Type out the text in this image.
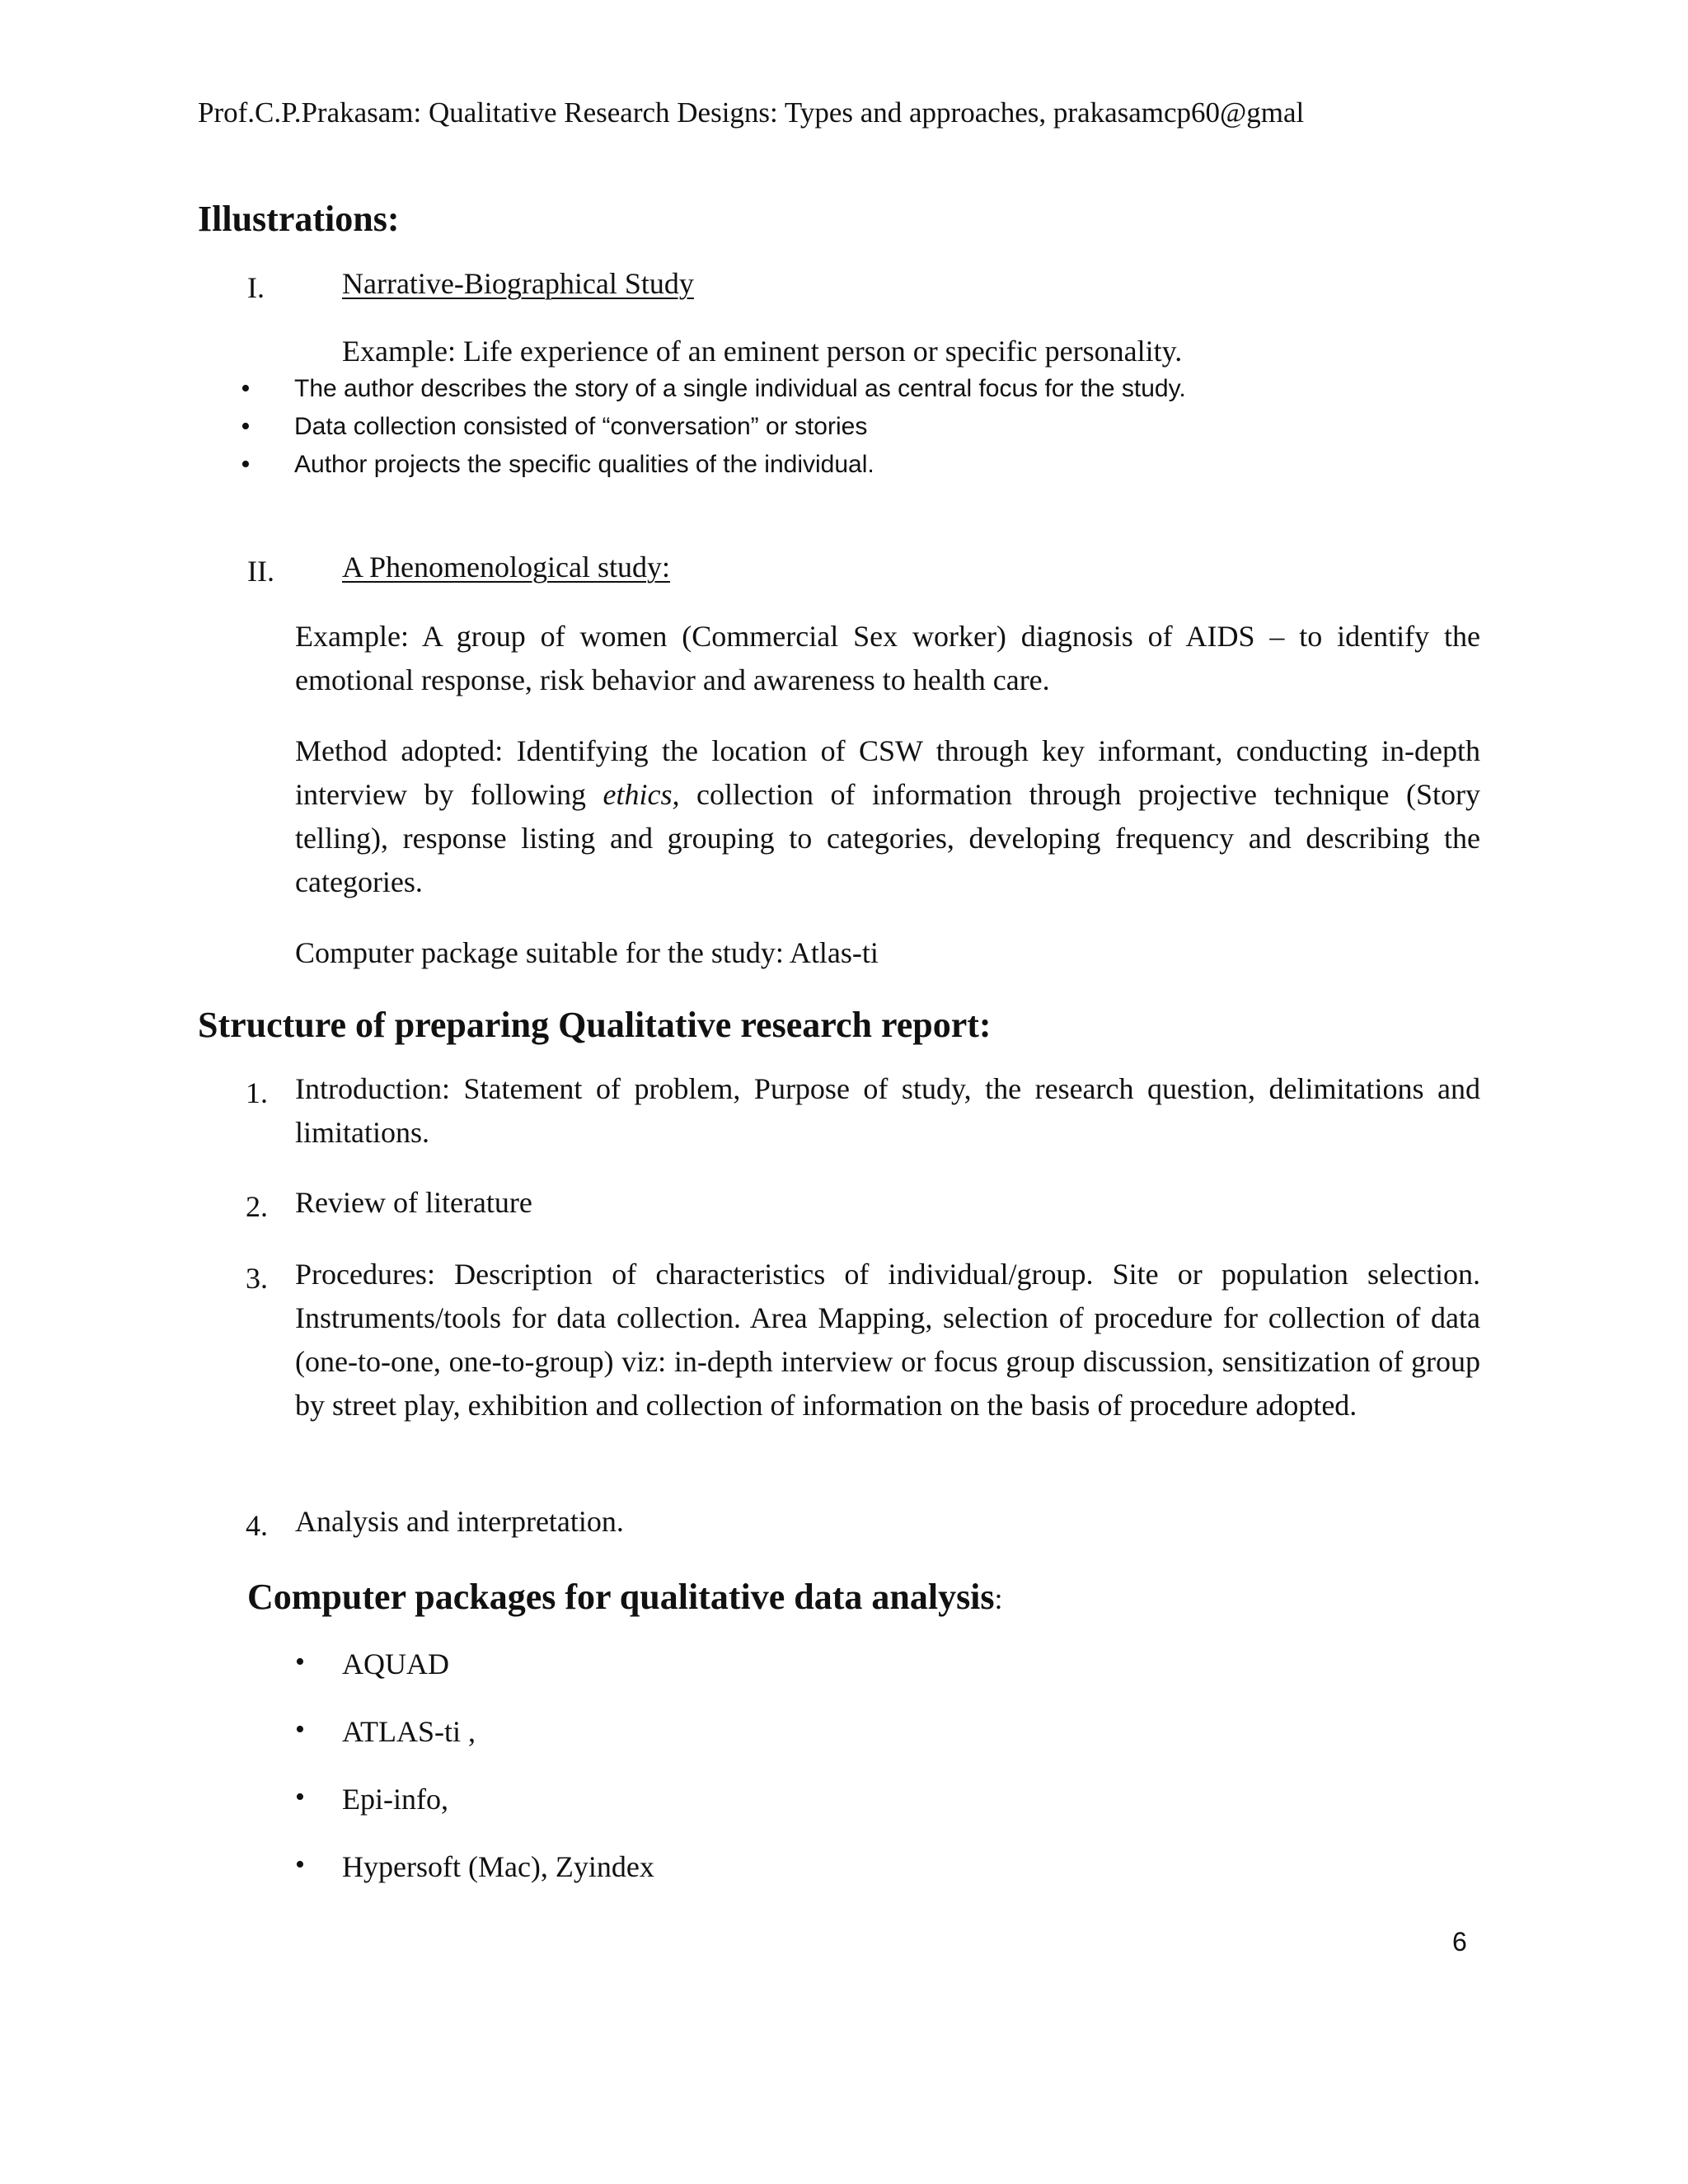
Prof.C.P.Prakasam: Qualitative Research Designs: Types and approaches, prakasamcp60@gmal
Illustrations:
I.	Narrative-Biographical Study
Example: Life experience of an eminent person or specific personality.
• The author describes the story of a single individual as central focus for the study.
• Data collection consisted of “conversation” or stories
• Author projects the specific qualities of the individual.
II. A Phenomenological study:
Example: A group of women (Commercial Sex worker) diagnosis of AIDS – to identify the emotional response, risk behavior and awareness to health care.
Method adopted: Identifying the location of CSW through key informant, conducting in-depth interview by following ethics, collection of information through projective technique (Story telling), response listing and grouping to categories, developing frequency and describing the categories.
Computer package suitable for the study: Atlas-ti
Structure of preparing Qualitative research report:
1. Introduction: Statement of problem, Purpose of study, the research question, delimitations and limitations.
2. Review of literature
3. Procedures: Description of characteristics of individual/group. Site or population selection. Instruments/tools for data collection. Area Mapping, selection of procedure for collection of data (one-to-one, one-to-group) viz: in-depth interview or focus group discussion, sensitization of group by street play, exhibition and collection of information on the basis of procedure adopted.
4. Analysis and interpretation.
Computer packages for qualitative data analysis:
• AQUAD
• ATLAS-ti ,
• Epi-info,
• Hypersoft (Mac), Zyindex
6
